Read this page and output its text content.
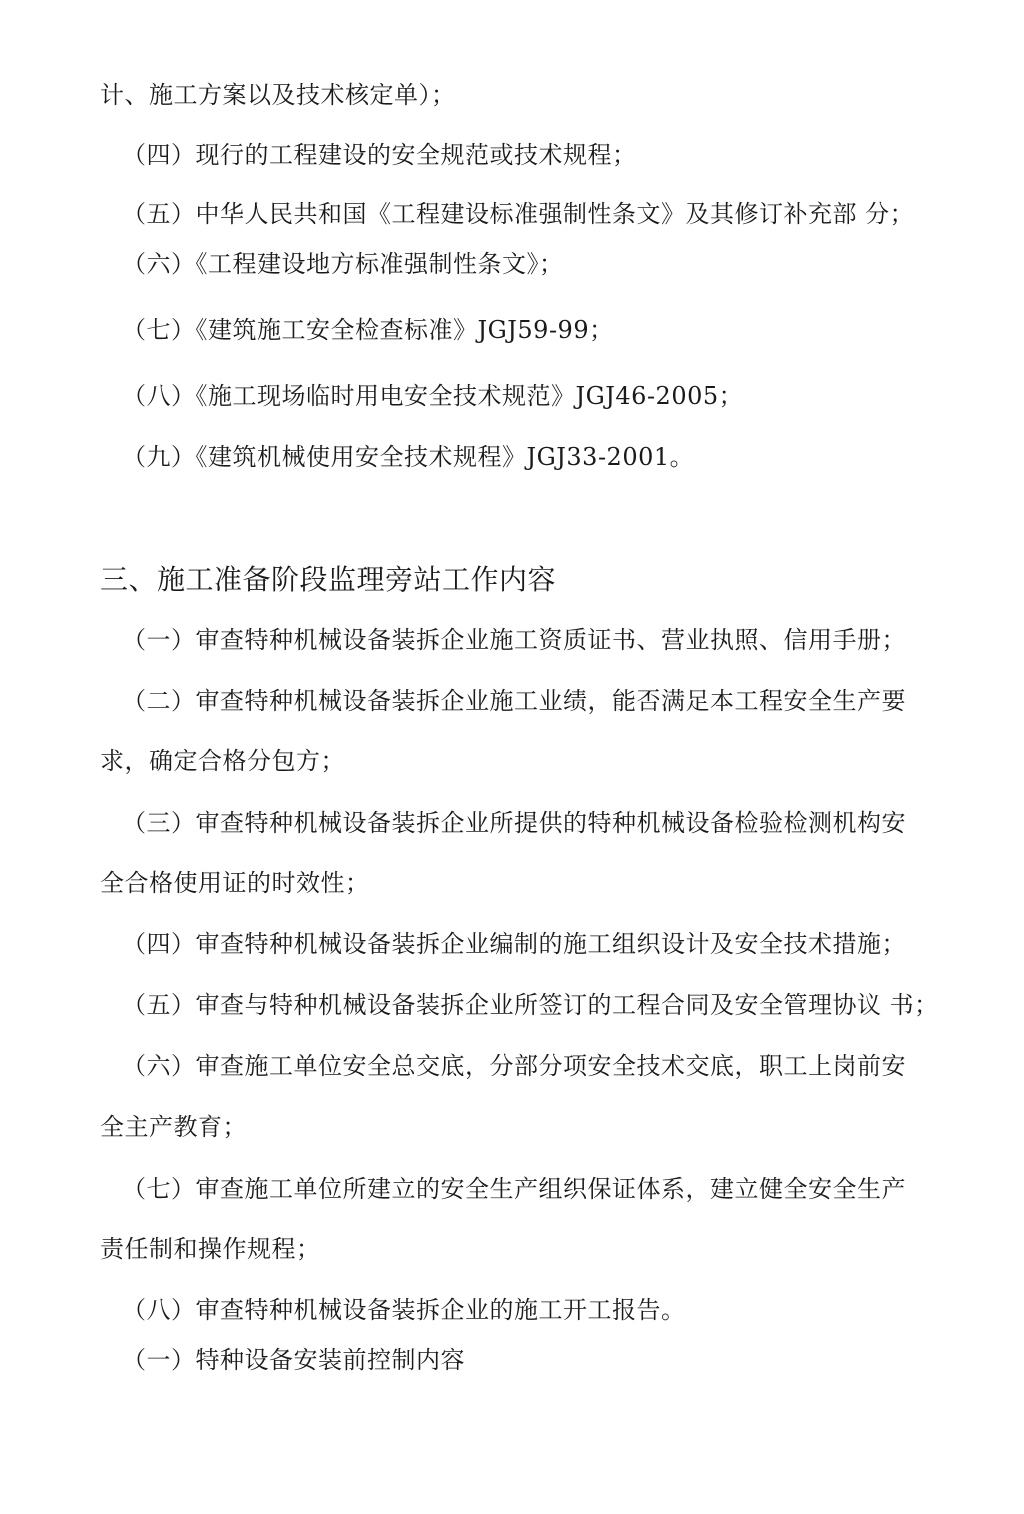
计、施工方案以及技术核定单）；
（四）现行的工程建设的安全规范或技术规程；
（五）中华人民共和国《工程建设标准强制性条文》及其修订补充部 分；
（六）《工程建设地方标准强制性条文》；
（七）《建筑施工安全检查标准》JGJ59-99；
（八）《施工现场临时用电安全技术规范》JGJ46-2005；
（九）《建筑机械使用安全技术规程》JGJ33-2001。
三、施工准备阶段监理旁站工作内容
（一）审查特种机械设备装拆企业施工资质证书、营业执照、信用手册；
（二）审查特种机械设备装拆企业施工业绩，能否满足本工程安全生产要
求，确定合格分包方；
（三）审查特种机械设备装拆企业所提供的特种机械设备检验检测机构安
全合格使用证的时效性；
（四）审查特种机械设备装拆企业编制的施工组织设计及安全技术措施；
（五）审查与特种机械设备装拆企业所签订的工程合同及安全管理协议 书；
（六）审查施工单位安全总交底，分部分项安全技术交底，职工上岗前安
全主产教育；
（七）审查施工单位所建立的安全生产组织保证体系，建立健全安全生产
责任制和操作规程；
（八）审查特种机械设备装拆企业的施工开工报告。
（一）特种设备安装前控制内容
